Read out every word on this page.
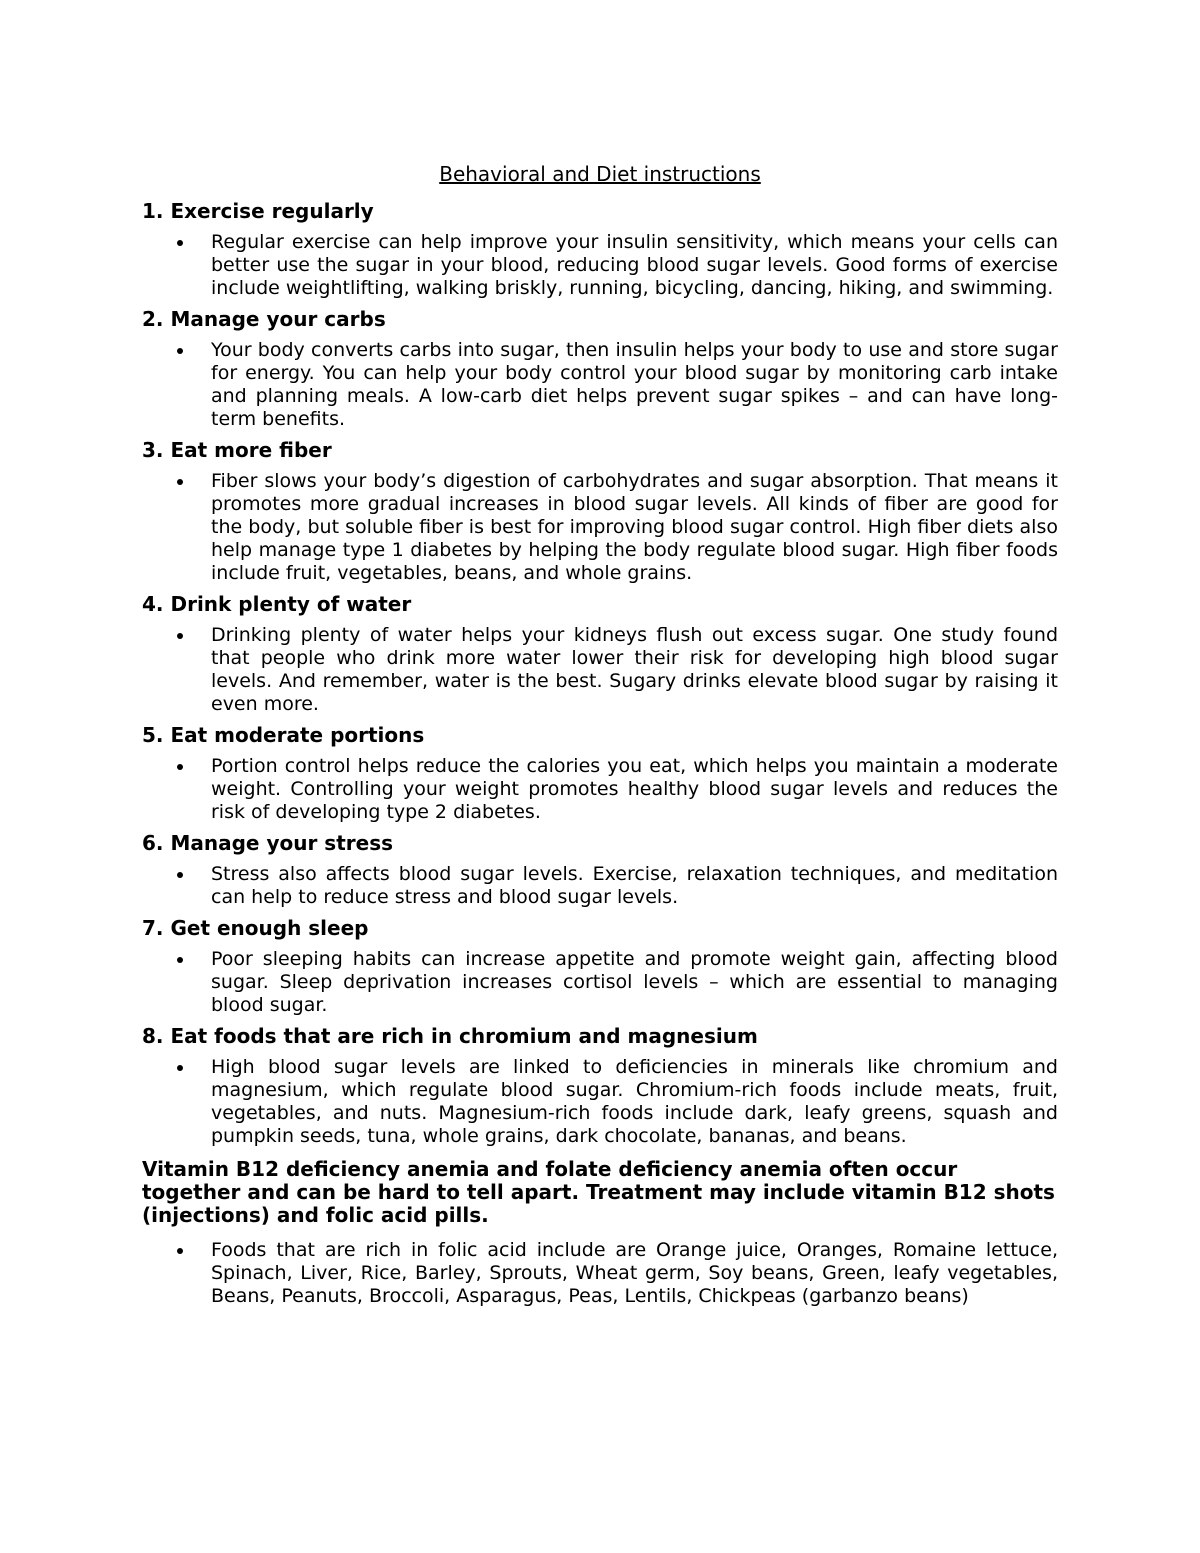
Behavioral and Diet instructions

1. Exercise regularly

Regular exercise can help improve your insulin sensitivity, which means your cells can better use the sugar in your blood, reducing blood sugar levels. Good forms of exercise include weightlifting, walking briskly, running, bicycling, dancing, hiking, and swimming.

2. Manage your carbs

Your body converts carbs into sugar, then insulin helps your body to use and store sugar for energy. You can help your body control your blood sugar by monitoring carb intake and planning meals. A low-carb diet helps prevent sugar spikes – and can have long-term benefits.

3. Eat more fiber

Fiber slows your body’s digestion of carbohydrates and sugar absorption. That means it promotes more gradual increases in blood sugar levels. All kinds of fiber are good for the body, but soluble fiber is best for improving blood sugar control. High fiber diets also help manage type 1 diabetes by helping the body regulate blood sugar. High fiber foods include fruit, vegetables, beans, and whole grains.

4. Drink plenty of water

Drinking plenty of water helps your kidneys flush out excess sugar. One study found that people who drink more water lower their risk for developing high blood sugar levels. And remember, water is the best. Sugary drinks elevate blood sugar by raising it even more.

5. Eat moderate portions

Portion control helps reduce the calories you eat, which helps you maintain a moderate weight. Controlling your weight promotes healthy blood sugar levels and reduces the risk of developing type 2 diabetes.

6. Manage your stress

Stress also affects blood sugar levels. Exercise, relaxation techniques, and meditation can help to reduce stress and blood sugar levels.

7. Get enough sleep

Poor sleeping habits can increase appetite and promote weight gain, affecting blood sugar. Sleep deprivation increases cortisol levels – which are essential to managing blood sugar.

8. Eat foods that are rich in chromium and magnesium

High blood sugar levels are linked to deficiencies in minerals like chromium and magnesium, which regulate blood sugar. Chromium-rich foods include meats, fruit, vegetables, and nuts. Magnesium-rich foods include dark, leafy greens, squash and pumpkin seeds, tuna, whole grains, dark chocolate, bananas, and beans.

Vitamin B12 deficiency anemia and folate deficiency anemia often occur together and can be hard to tell apart. Treatment may include vitamin B12 shots (injections) and folic acid pills.

Foods that are rich in folic acid include are Orange juice, Oranges, Romaine lettuce, Spinach, Liver, Rice, Barley, Sprouts, Wheat germ, Soy beans, Green, leafy vegetables, Beans, Peanuts, Broccoli, Asparagus, Peas, Lentils, Chickpeas (garbanzo beans)
